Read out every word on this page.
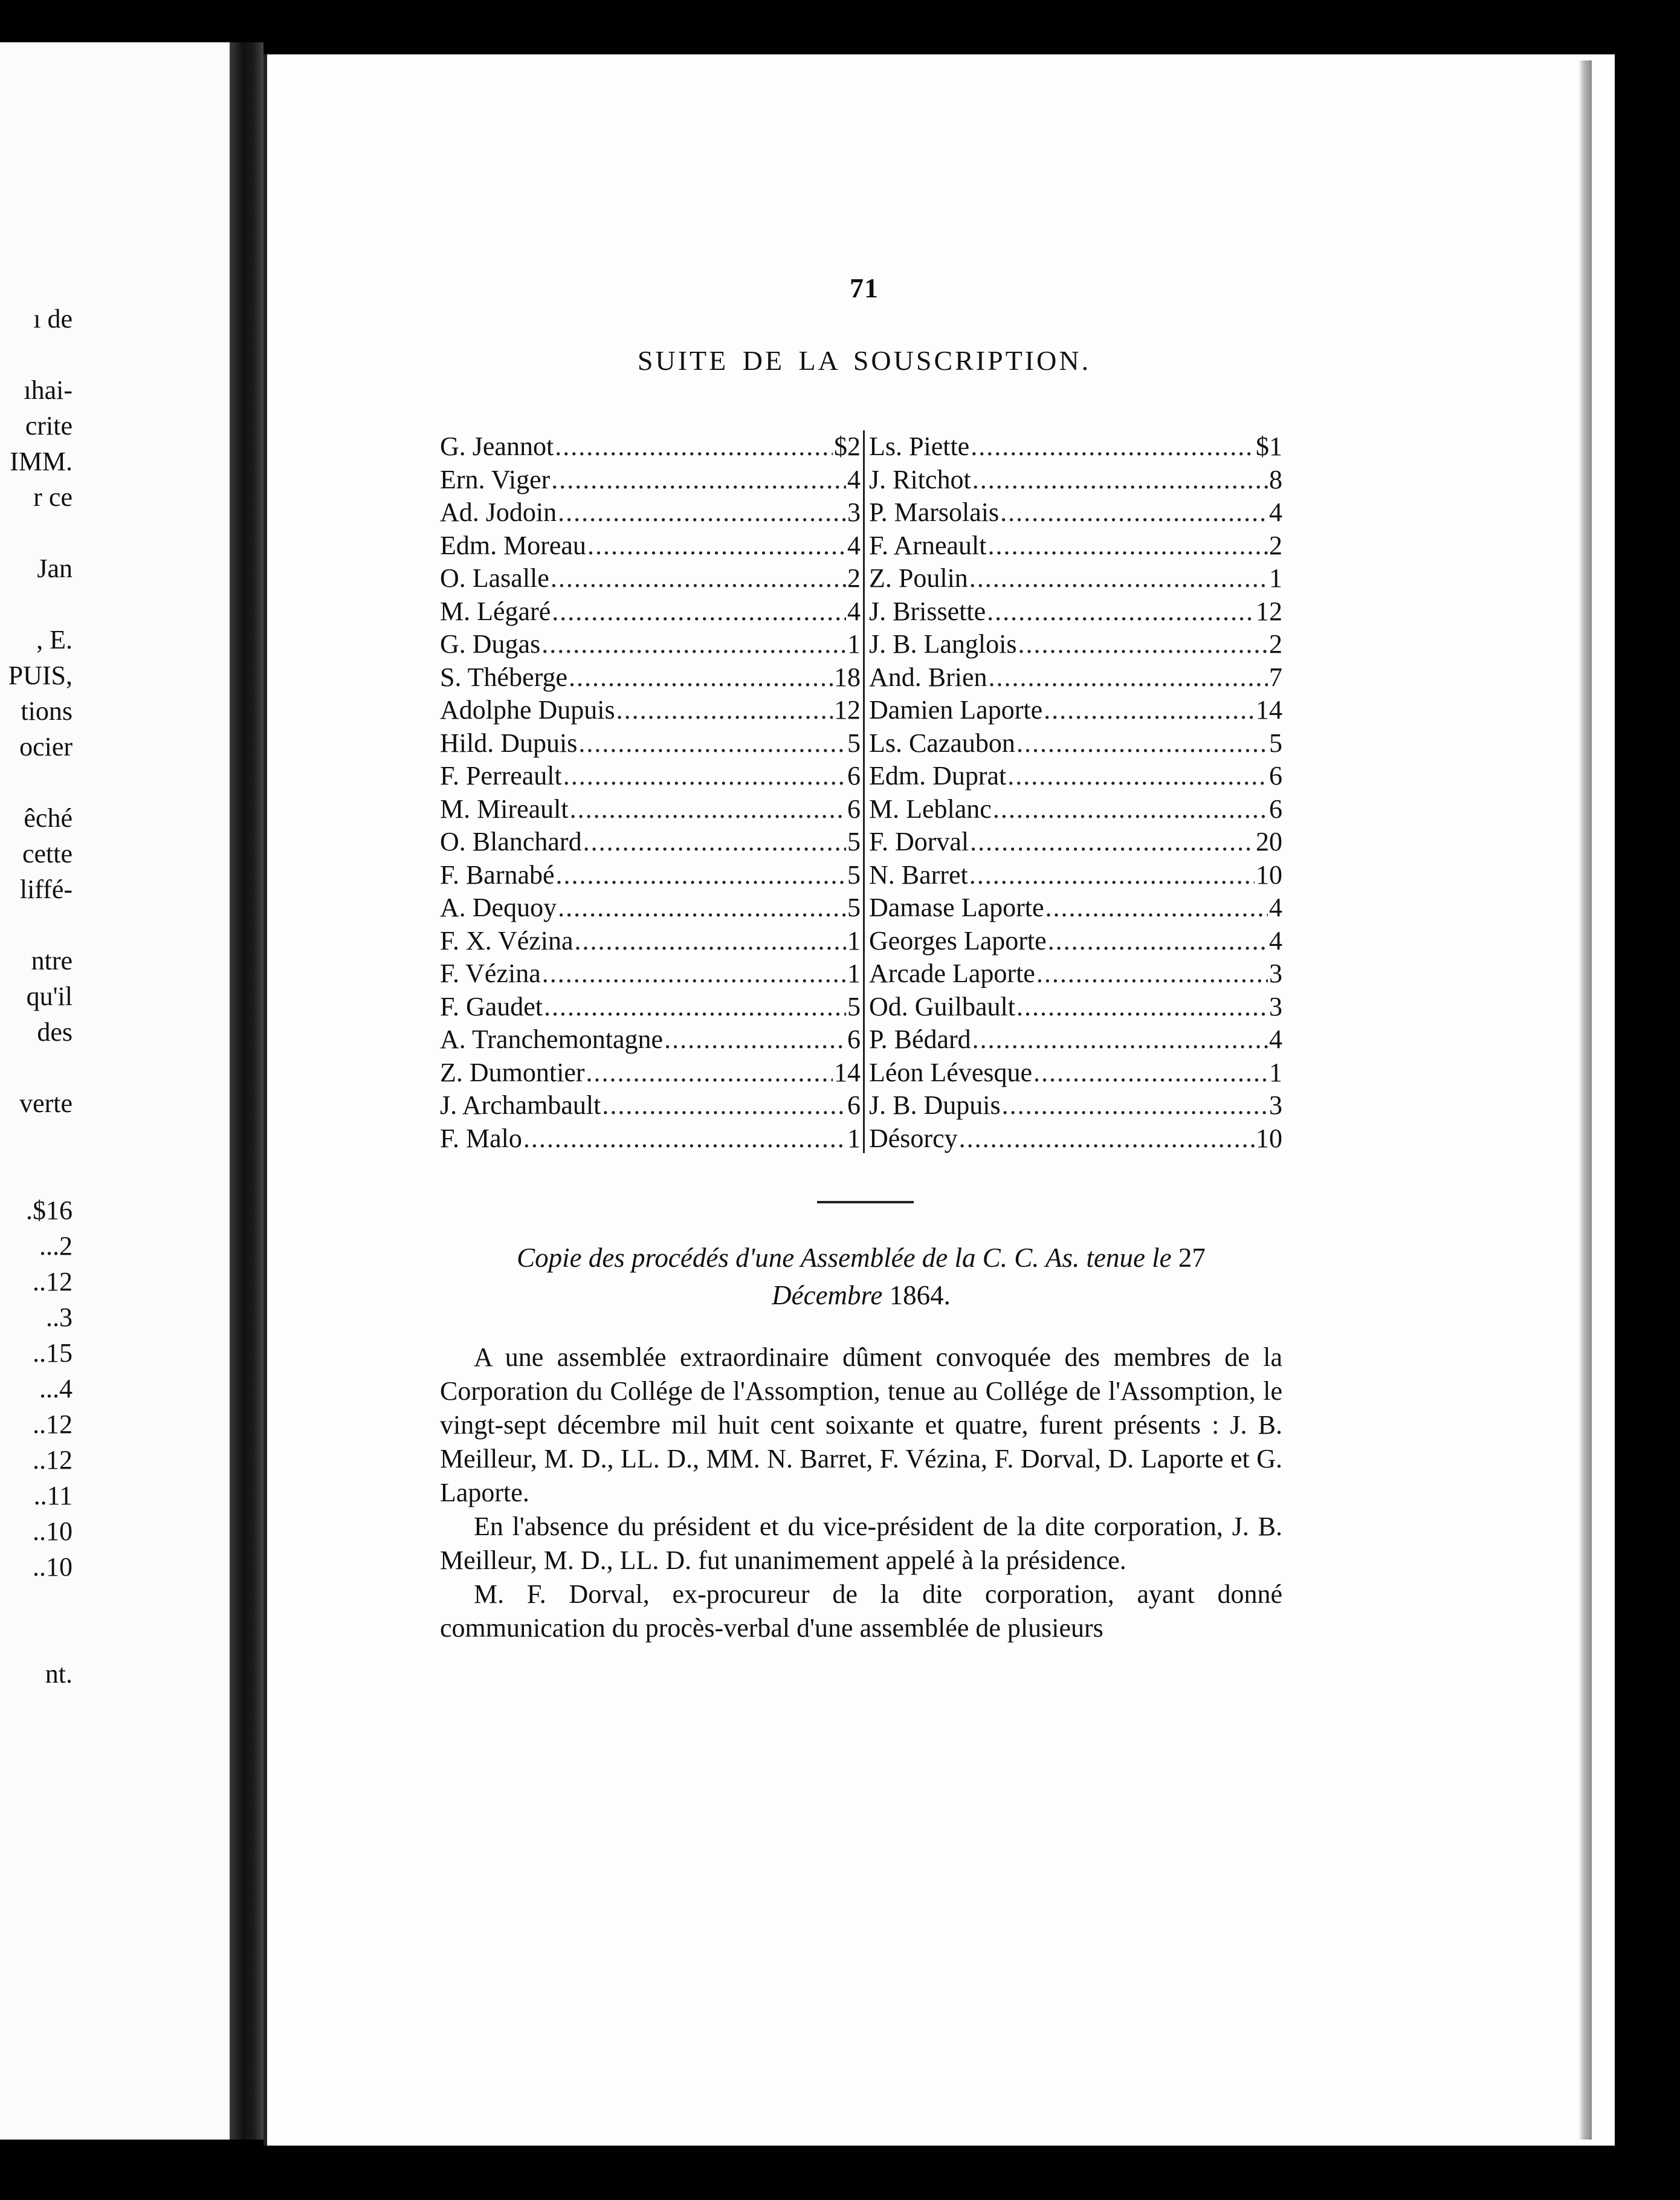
ı de
ıhai-
crite
IMM.
r ce
Jan
, E.
PUIS,
tions
ocier
êché
cette
liffé-
ntre
qu'il
des
verte
.$16
...2
..12
..3
..15
...4
..12
..12
..11
..10
..10
nt.
71
SUITE DE LA SOUSCRIPTION.
G. Jeannot .....	$2
Ern. Viger .....	4
Ad. Jodoin .....	3
Edm. Moreau .....	4
O. Lasalle .....	2
M. Légaré .....	4
G. Dugas .....	1
S. Théberge .....	18
Adolphe Dupuis .....	12
Hild. Dupuis .....	5
F. Perreault .....	6
M. Mireault .....	6
O. Blanchard .....	5
F. Barnabé .....	5
A. Dequoy .....	5
F. X. Vézina .....	1
F. Vézina .....	1
F. Gaudet .....	5
A. Tranchemontagne .....	6
Z. Dumontier .....	14
J. Archambault .....	6
F. Malo .....	1
Ls. Piette .....	$1
J. Ritchot .....	8
P. Marsolais .....	4
F. Arneault .....	2
Z. Poulin .....	1
J. Brissette .....	12
J. B. Langlois .....	2
And. Brien .....	7
Damien Laporte .....	14
Ls. Cazaubon .....	5
Edm. Duprat .....	6
M. Leblanc .....	6
F. Dorval .....	20
N. Barret .....	10
Damase Laporte .....	4
Georges Laporte .....	4
Arcade Laporte .....	3
Od. Guilbault .....	3
P. Bédard .....	4
Léon Lévesque .....	1
J. B. Dupuis .....	3
Désorcy .....	10
Copie des procédés d'une Assemblée de la C. C. As. tenue le 27
Décembre 1864.

A une assemblée extraordinaire dûment convoquée des membres de la Corporation du Collége de l'Assomption, tenue au Collége de l'Assomption, le vingt-sept décembre mil huit cent soixante et quatre, furent présents : J. B. Meilleur, M. D., LL. D., MM. N. Barret, F. Vézina, F. Dorval, D. Laporte et G. Laporte.

En l'absence du président et du vice-président de la dite corporation, J. B. Meilleur, M. D., LL. D. fut unanimement appelé à la présidence.

M. F. Dorval, ex-procureur de la dite corporation, ayant donné communication du procès-verbal d'une assemblée de plusieurs
